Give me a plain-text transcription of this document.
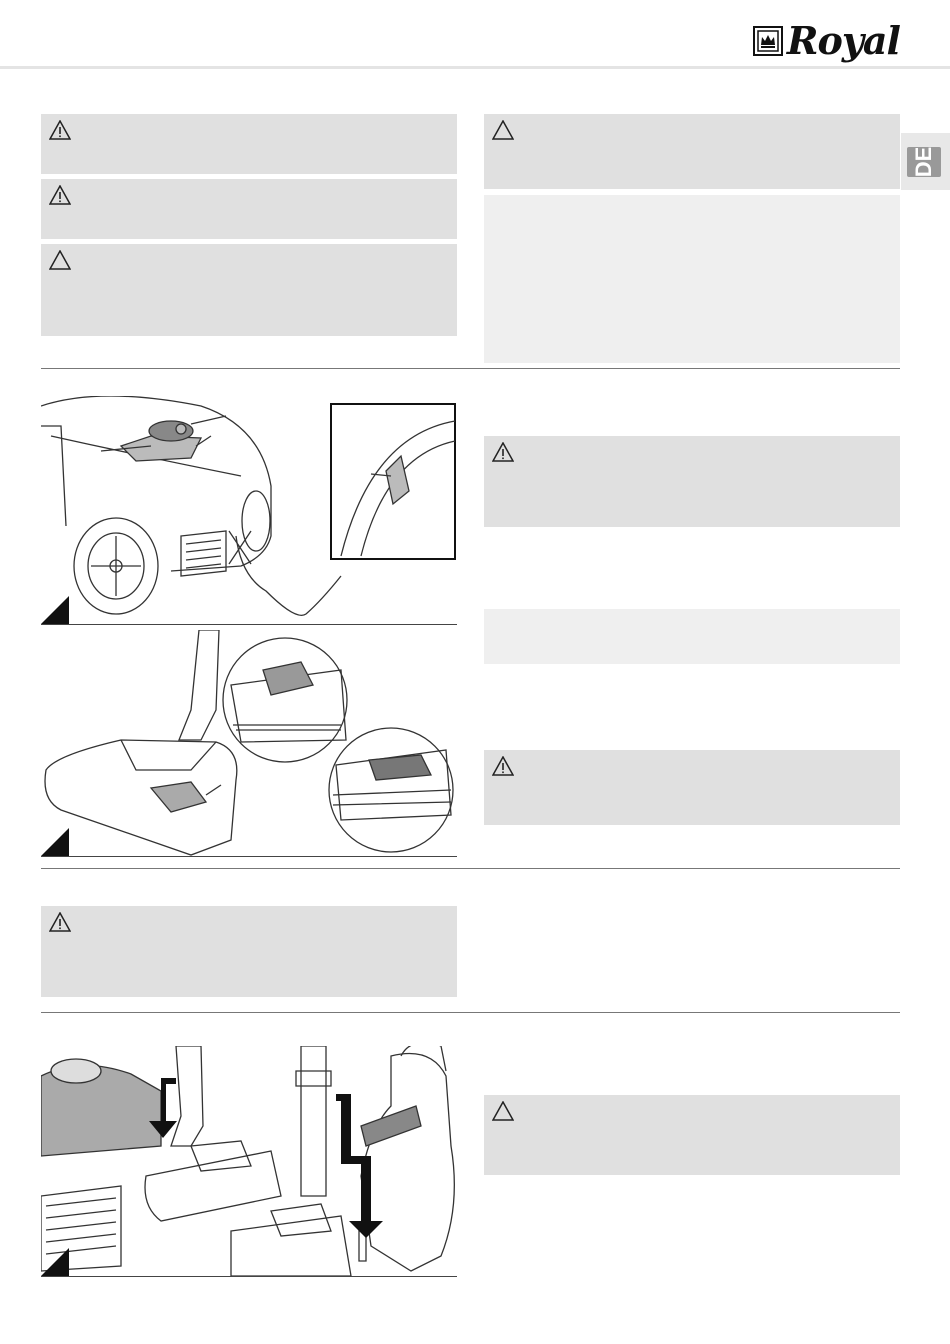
Royal
DE
